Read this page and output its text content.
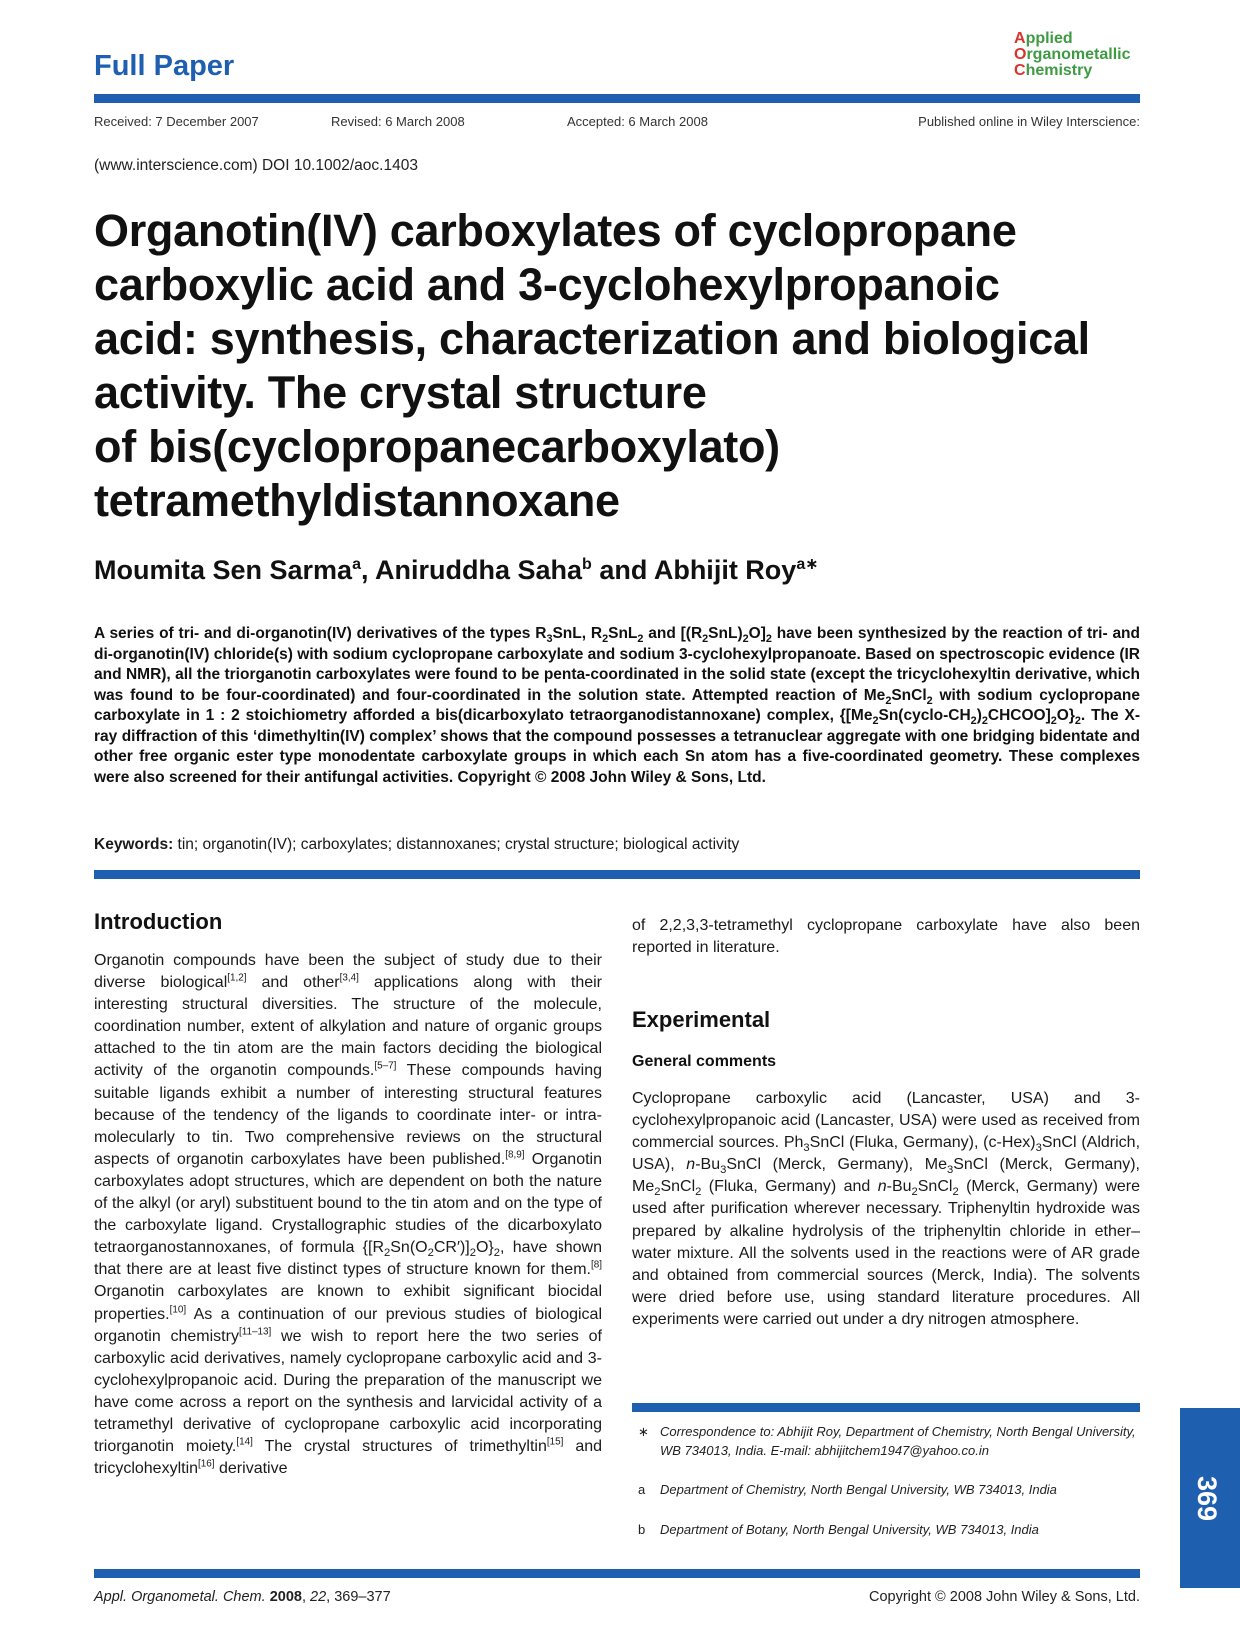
Full Paper
Applied
Organometallic
Chemistry
Received: 7 December 2007	Revised: 6 March 2008	Accepted: 6 March 2008	Published online in Wiley Interscience:
(www.interscience.com) DOI 10.1002/aoc.1403
Organotin(IV) carboxylates of cyclopropane
carboxylic acid and 3-cyclohexylpropanoic
acid: synthesis, characterization and biological
activity. The crystal structure
of bis(cyclopropanecarboxylato)
tetramethyldistannoxane
Moumita Sen Sarma$^a$, Aniruddha Saha$^b$ and Abhijit Roy$^{a∗}$
A series of tri- and di-organotin(IV) derivatives of the types $R_3SnL$, $R_2SnL_2$ and $[(R_2SnL)_2O]_2$ have been synthesized by the reaction of tri- and di-organotin(IV) chloride(s) with sodium cyclopropane carboxylate and sodium 3-cyclohexylpropanoate. Based on spectroscopic evidence (IR and NMR), all the triorganotin carboxylates were found to be penta-coordinated in the solid state (except the tricyclohexyltin derivative, which was found to be four-coordinated) and four-coordinated in the solution state. Attempted reaction of $Me_2SnCl_2$ with sodium cyclopropane carboxylate in 1 : 2 stoichiometry afforded a bis(dicarboxylato tetraorganodistannoxane) complex, $\{[Me_2Sn(cyclo-CH_2)_2CHCOO]_2O\}_2$. The X-ray diffraction of this ‘dimethyltin(IV) complex’ shows that the compound possesses a tetranuclear aggregate with one bridging bidentate and other free organic ester type monodentate carboxylate groups in which each Sn atom has a five-coordinated geometry. These complexes were also screened for their antifungal activities. Copyright © 2008 John Wiley & Sons, Ltd.
Keywords: tin; organotin(IV); carboxylates; distannoxanes; crystal structure; biological activity
Introduction
Organotin compounds have been the subject of study due to their diverse biological[1,2] and other[3,4] applications along with their interesting structural diversities. The structure of the molecule, coordination number, extent of alkylation and nature of organic groups attached to the tin atom are the main factors deciding the biological activity of the organotin compounds.[5–7] These compounds having suitable ligands exhibit a number of interesting structural features because of the tendency of the ligands to coordinate inter- or intra-molecularly to tin. Two comprehensive reviews on the structural aspects of organotin carboxylates have been published.[8,9] Organotin carboxylates adopt structures, which are dependent on both the nature of the alkyl (or aryl) substituent bound to the tin atom and on the type of the carboxylate ligand. Crystallographic studies of the dicarboxylato tetraorganostannoxanes, of formula $\{[R_2Sn(O_2CR')]_2O\}_2$, have shown that there are at least five distinct types of structure known for them.[8] Organotin carboxylates are known to exhibit significant biocidal properties.[10] As a continuation of our previous studies of biological organotin chemistry[11–13] we wish to report here the two series of carboxylic acid derivatives, namely cyclopropane carboxylic acid and 3-cyclohexylpropanoic acid. During the preparation of the manuscript we have come across a report on the synthesis and larvicidal activity of a tetramethyl derivative of cyclopropane carboxylic acid incorporating triorganotin moiety.[14] The crystal structures of trimethyltin[15] and tricyclohexyltin[16] derivative
of 2,2,3,3-tetramethyl cyclopropane carboxylate have also been reported in literature.
Experimental
General comments
Cyclopropane carboxylic acid (Lancaster, USA) and 3-cyclohexylpropanoic acid (Lancaster, USA) were used as received from commercial sources. $Ph_3SnCl$ (Fluka, Germany), $(c-Hex)_3SnCl$ (Aldrich, USA), $n-Bu_3SnCl$ (Merck, Germany), $Me_3SnCl$ (Merck, Germany), $Me_2SnCl_2$ (Fluka, Germany) and $n-Bu_2SnCl_2$ (Merck, Germany) were used after purification wherever necessary. Triphenyltin hydroxide was prepared by alkaline hydrolysis of the triphenyltin chloride in ether–water mixture. All the solvents used in the reactions were of AR grade and obtained from commercial sources (Merck, India). The solvents were dried before use, using standard literature procedures. All experiments were carried out under a dry nitrogen atmosphere.
∗ Correspondence to: Abhijit Roy, Department of Chemistry, North Bengal University, WB 734013, India. E-mail: abhijitchem1947@yahoo.co.in
a	Department of Chemistry, North Bengal University, WB 734013, India
b	Department of Botany, North Bengal University, WB 734013, India
369
Appl. Organometal. Chem. 2008, 22, 369–377	Copyright © 2008 John Wiley & Sons, Ltd.
